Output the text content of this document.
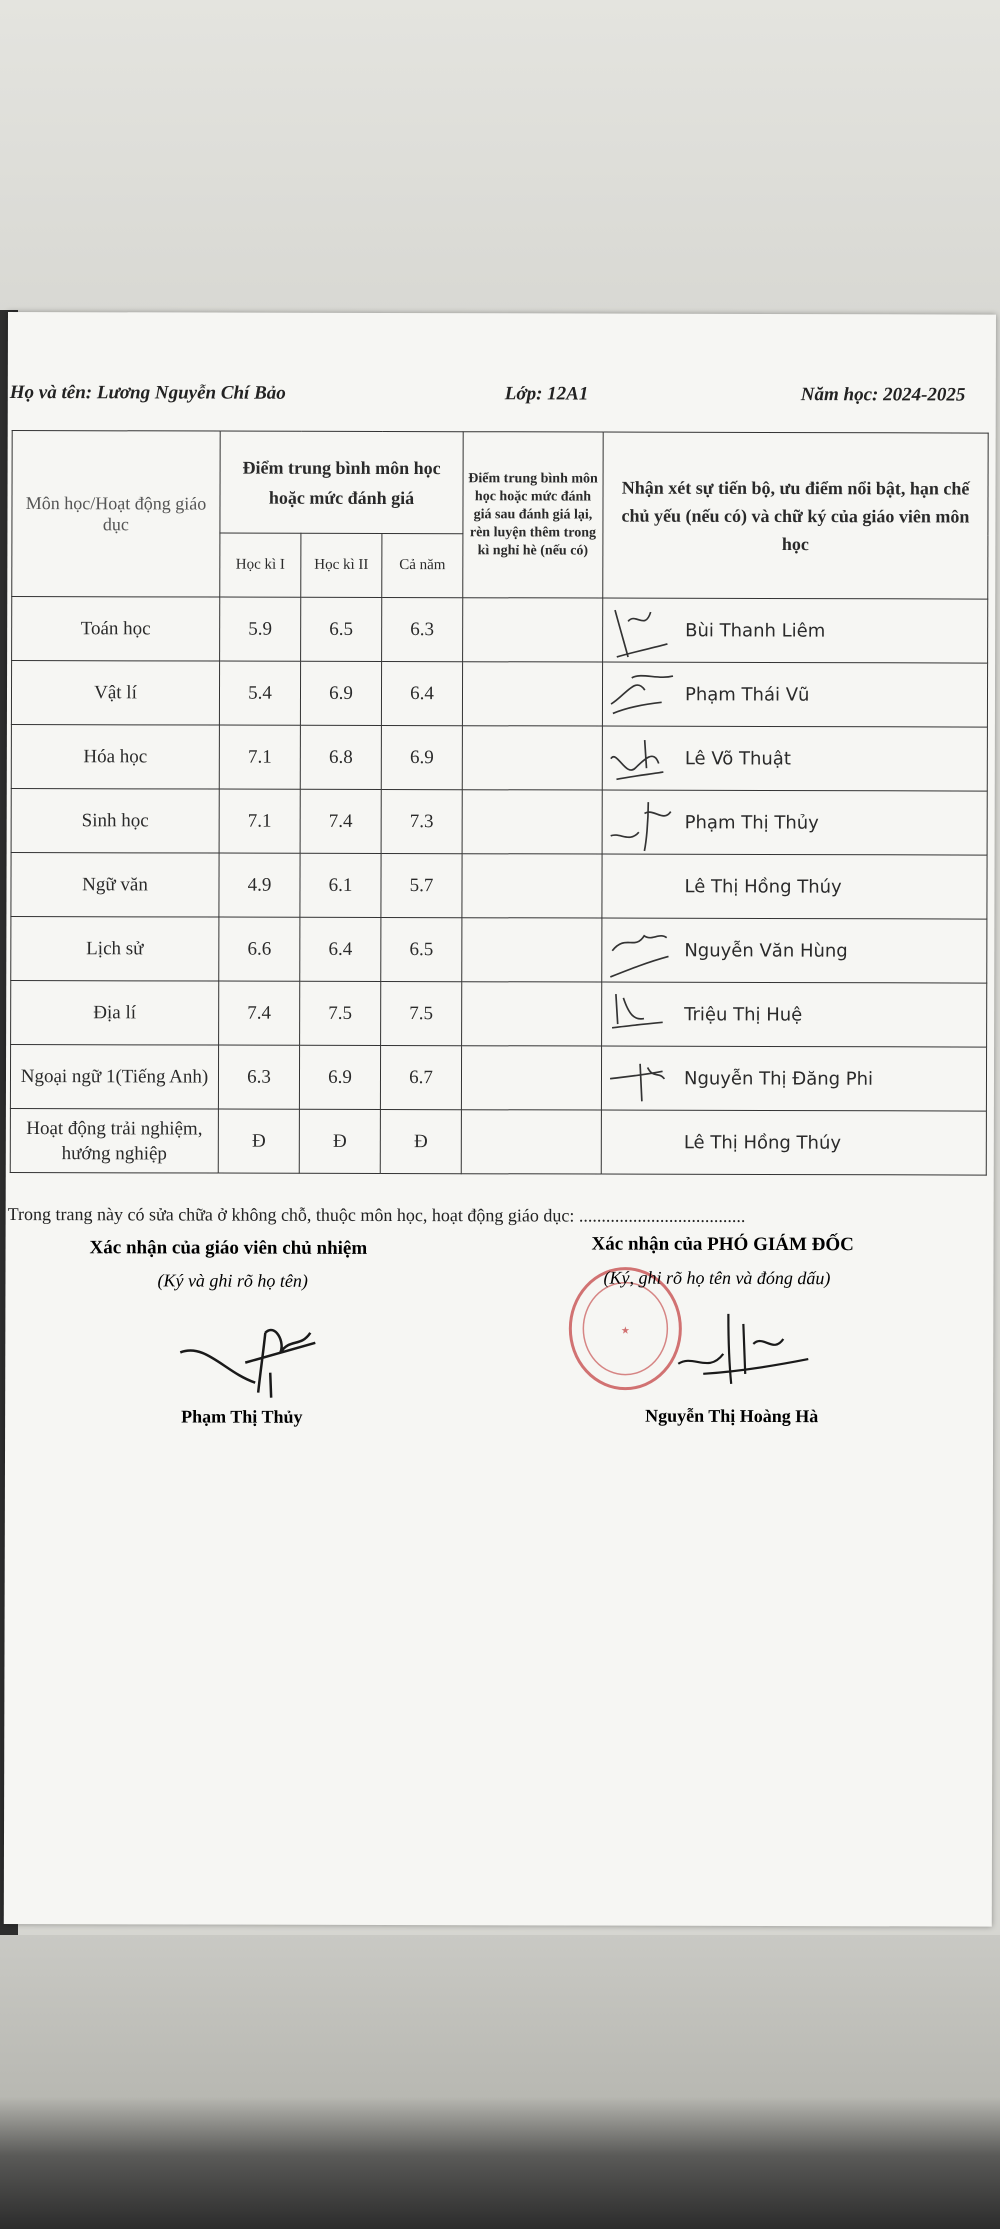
Họ và tên: Lương Nguyễn Chí Bảo	Lớp: 12A1	Năm học: 2024-2025
Môn học/Hoạt động giáo dục	Điểm trung bình môn học hoặc mức đánh giá			Điểm trung bình môn học hoặc mức đánh giá sau đánh giá lại, rèn luyện thêm trong kì nghỉ hè (nếu có)	Nhận xét sự tiến bộ, ưu điểm nổi bật, hạn chế chủ yếu (nếu có) và chữ ký của giáo viên môn học
	Học kì I	Học kì II	Cả năm		
Toán học	5.9	6.5	6.3		Bùi Thanh Liêm

Vật lí	5.4	6.9	6.4		Phạm Thái Vũ

Hóa học	7.1	6.8	6.9		Lê Võ Thuật

Sinh học	7.1	7.4	7.3		Phạm Thị Thủy

Ngữ văn	4.9	6.1	5.7		Lê Thị Hồng Thúy

Lịch sử	6.6	6.4	6.5		Nguyễn Văn Hùng

Địa lí	7.4	7.5	7.5		Triệu Thị Huệ

Ngoại ngữ 1(Tiếng Anh)	6.3	6.9	6.7		Nguyễn Thị Đăng Phi

Hoạt động trải nghiệm, hướng nghiệp	Đ	Đ	Đ		Lê Thị Hồng Thúy
Trong trang này có sửa chữa ở không chỗ, thuộc môn học, hoạt động giáo dục: .....................................
Xác nhận của giáo viên chủ nhiệm
(Ký và ghi rõ họ tên)
Phạm Thị Thủy
★
Xác nhận của PHÓ GIÁM ĐỐC
(Ký, ghi rõ họ tên và đóng dấu)
Nguyễn Thị Hoàng Hà
